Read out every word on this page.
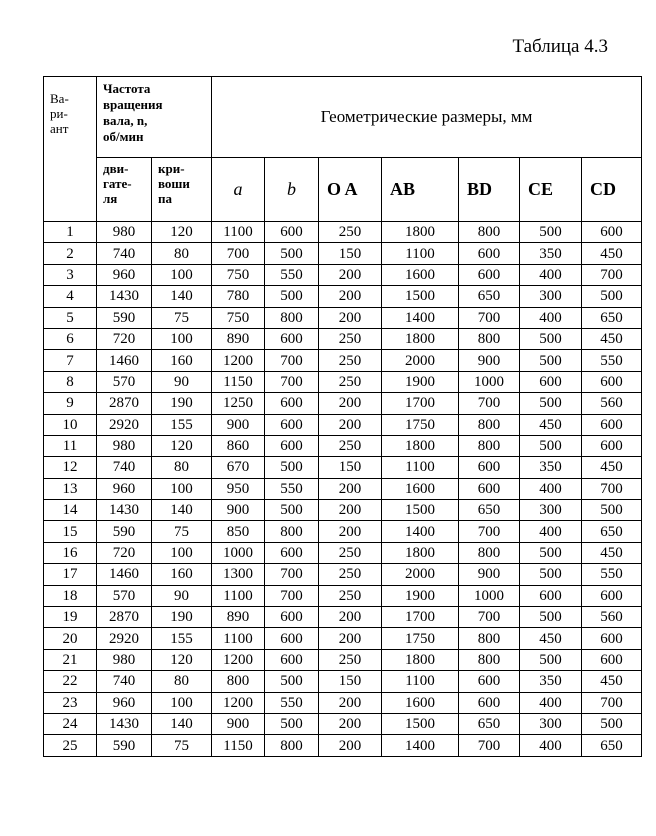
Таблица 4.3
Ва-
ри-
ант	Частота
вращения
вала, n,
об/мин		Геометрические размеры, мм						
	дви-
гате-
ля	кри-
воши
па	a	b	O A	AB	BD	CE	CD
1	980	120	1100	600	250	1800	800	500	600
2	740	80	700	500	150	1100	600	350	450
3	960	100	750	550	200	1600	600	400	700
4	1430	140	780	500	200	1500	650	300	500
5	590	75	750	800	200	1400	700	400	650
6	720	100	890	600	250	1800	800	500	450
7	1460	160	1200	700	250	2000	900	500	550
8	570	90	1150	700	250	1900	1000	600	600
9	2870	190	1250	600	200	1700	700	500	560
10	2920	155	900	600	200	1750	800	450	600
11	980	120	860	600	250	1800	800	500	600
12	740	80	670	500	150	1100	600	350	450
13	960	100	950	550	200	1600	600	400	700
14	1430	140	900	500	200	1500	650	300	500
15	590	75	850	800	200	1400	700	400	650
16	720	100	1000	600	250	1800	800	500	450
17	1460	160	1300	700	250	2000	900	500	550
18	570	90	1100	700	250	1900	1000	600	600
19	2870	190	890	600	200	1700	700	500	560
20	2920	155	1100	600	200	1750	800	450	600
21	980	120	1200	600	250	1800	800	500	600
22	740	80	800	500	150	1100	600	350	450
23	960	100	1200	550	200	1600	600	400	700
24	1430	140	900	500	200	1500	650	300	500
25	590	75	1150	800	200	1400	700	400	650
